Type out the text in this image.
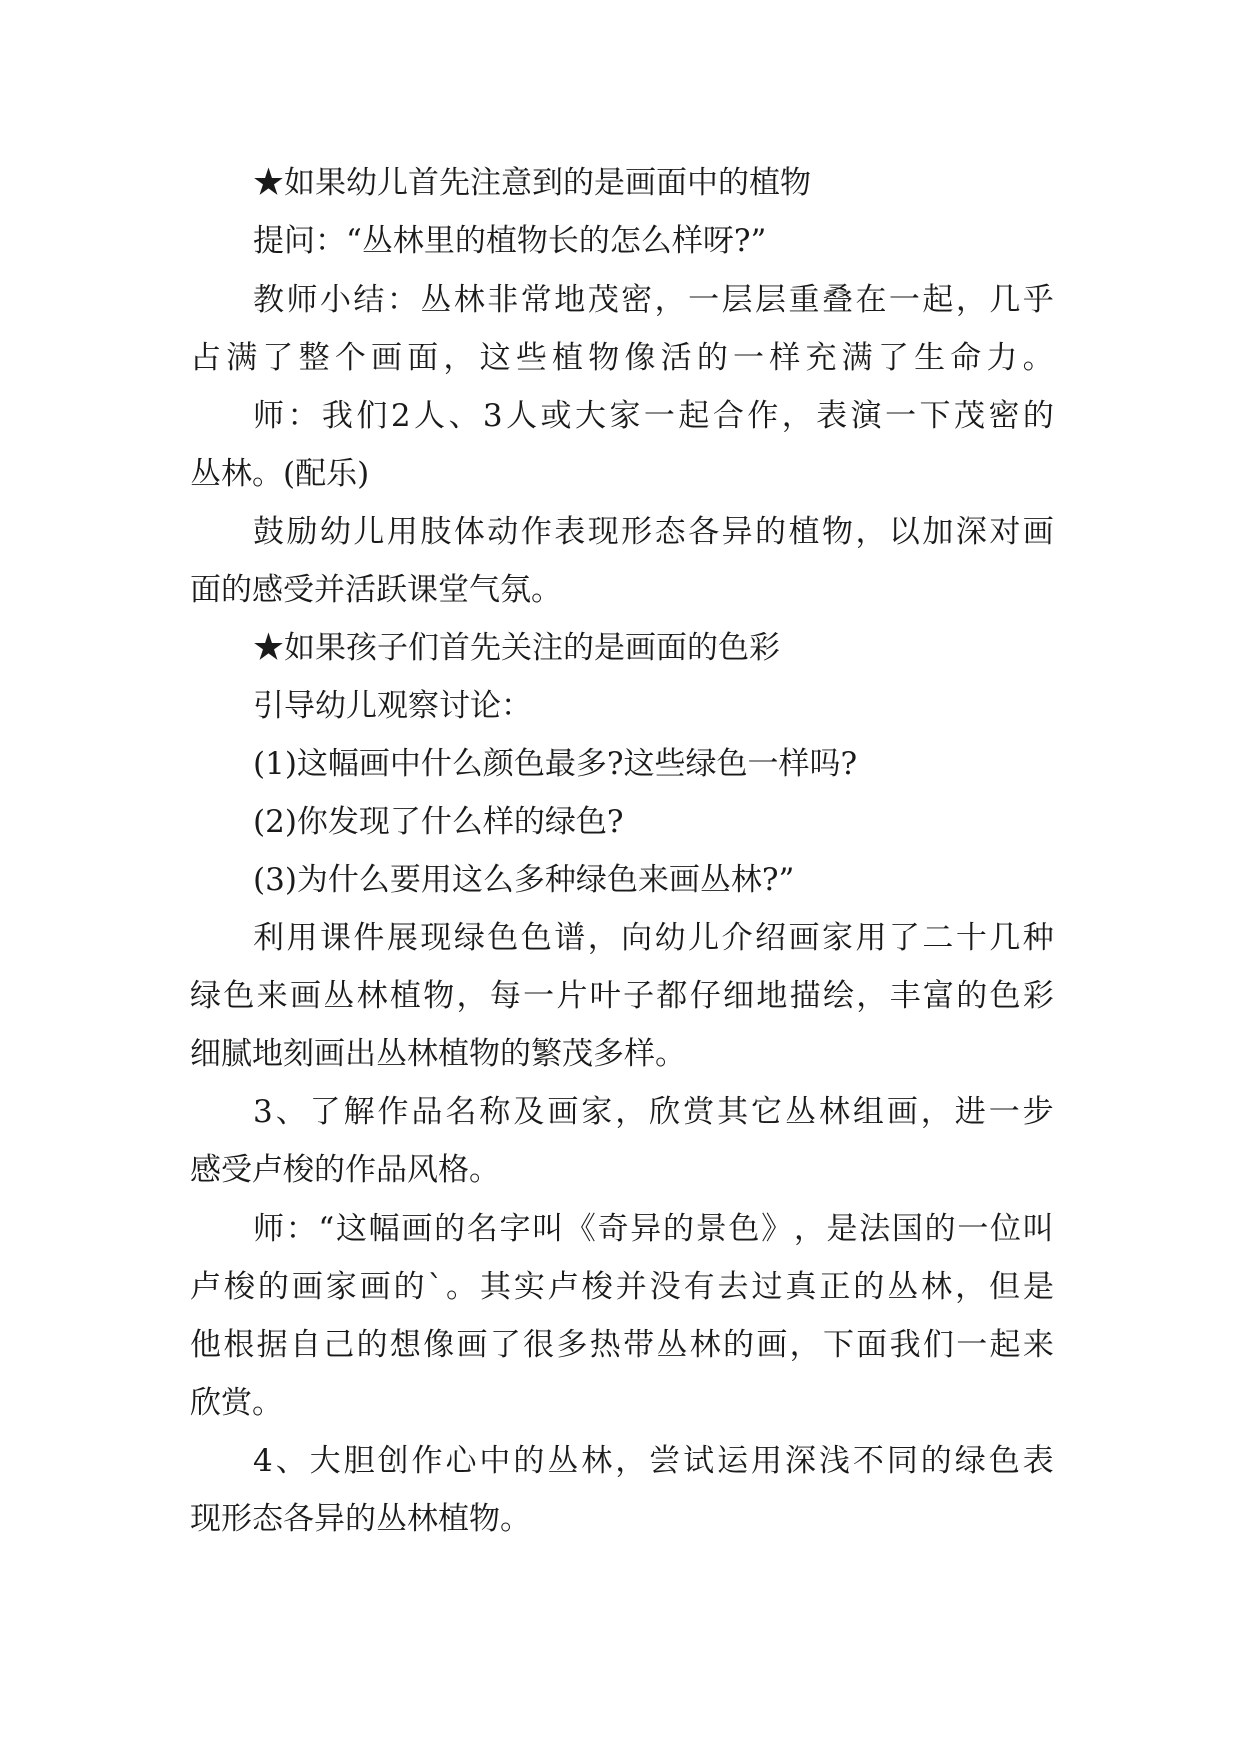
★如果幼儿首先注意到的是画面中的植物
提问：“丛林里的植物长的怎么样呀?”
教 师 小 结 ： 丛 林 非 常 地 茂 密 ， 一 层 层 重 叠 在 一 起 ， 几 乎
占 满 了 整 个 画 面 ， 这 些 植 物 像 活 的 一 样 充 满 了 生 命 力 。
师 ： 我 们 2 人 、 3 人 或 大 家 一 起 合 作 ， 表 演 一 下 茂 密 的
丛林。(配乐)
鼓 励 幼 儿 用 肢 体 动 作 表 现 形 态 各 异 的 植 物 ， 以 加 深 对 画
面的感受并活跃课堂气氛。
★如果孩子们首先关注的是画面的色彩
引导幼儿观察讨论：
(1)这幅画中什么颜色最多?这些绿色一样吗?
(2)你发现了什么样的绿色?
(3)为什么要用这么多种绿色来画丛林?”
利 用 课 件 展 现 绿 色 色 谱 ， 向 幼 儿 介 绍 画 家 用 了 二 十 几 种
绿 色 来 画 丛 林 植 物 ， 每 一 片 叶 子 都 仔 细 地 描 绘 ， 丰 富 的 色 彩
细腻地刻画出丛林植物的繁茂多样。
3 、 了 解 作 品 名 称 及 画 家 ， 欣 赏 其 它 丛 林 组 画 ， 进 一 步
感受卢梭的作品风格。
师 ： “ 这 幅 画 的 名 字 叫 《 奇 异 的 景 色 》 ， 是 法 国 的 一 位 叫
卢 梭 的 画 家 画 的 ` 。 其 实 卢 梭 并 没 有 去 过 真 正 的 丛 林 ， 但 是
他 根 据 自 己 的 想 像 画 了 很 多 热 带 丛 林 的 画 ， 下 面 我 们 一 起 来
欣赏。
4 、 大 胆 创 作 心 中 的 丛 林 ， 尝 试 运 用 深 浅 不 同 的 绿 色 表
现形态各异的丛林植物。
